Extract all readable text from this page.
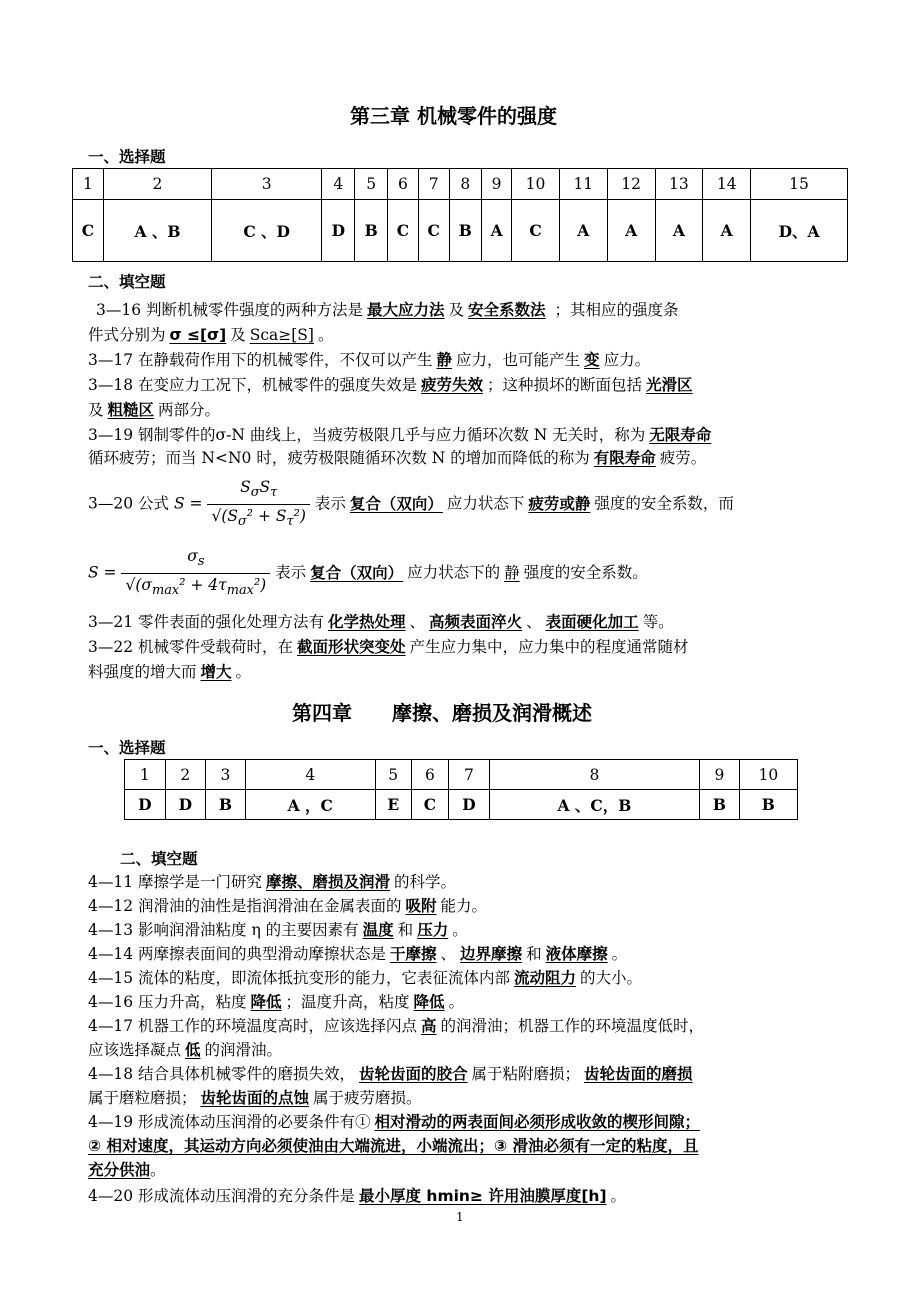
第三章 机械零件的强度
一、选择题
1	2	3	4	5	6	7	8	9	10	11	12	13	14	15
C	A 、B	C 、D	D	B	C	C	B	A	C	A	A	A	A	D、A
二、填空题
3—16 判断机械零件强度的两种方法是 最大应力法 及 安全系数法 ；其相应的强度条
件式分别为 σ ≤[σ] 及 Sca≥[S] 。
3—17 在静载荷作用下的机械零件，不仅可以产生 静 应力，也可能产生 变 应力。
3—18 在变应力工况下，机械零件的强度失效是 疲劳失效 ；这种损坏的断面包括 光滑区
及 粗糙区 两部分。
3—19 钢制零件的σ-N 曲线上，当疲劳极限几乎与应力循环次数 N 无关时，称为 无限寿命
循环疲劳；而当 N<N0 时，疲劳极限随循环次数 N 的增加而降低的称为 有限寿命 疲劳。
3—20 公式 $S = \frac{S_\sigma S_\tau}{√(S_\sigma^2 + S_\tau^2)}$ 表示 复合（双向） 应力状态下 疲劳或静 强度的安全系数，而
$S = \frac{\sigma_s}{√(\sigma_{max}^2 + 4\tau_{max}^2)}$ 表示 复合（双向） 应力状态下的 静 强度的安全系数。
3—21 零件表面的强化处理方法有 化学热处理 、 高频表面淬火 、 表面硬化加工 等。
3—22 机械零件受载荷时，在 截面形状突变处 产生应力集中，应力集中的程度通常随材
料强度的增大而 增大 。
第四章　　摩擦、磨损及润滑概述
一、选择题
1	2	3	4	5	6	7	8	9	10
D	D	B	A ，C	E	C	D	A 、C，B	B	B
二、填空题
4—11 摩擦学是一门研究 摩擦、磨损及润滑 的科学。
4—12 润滑油的油性是指润滑油在金属表面的 吸附 能力。
4—13 影响润滑油粘度 η 的主要因素有 温度 和 压力 。
4—14 两摩擦表面间的典型滑动摩擦状态是 干摩擦 、 边界摩擦 和 液体摩擦 。
4—15 流体的粘度，即流体抵抗变形的能力，它表征流体内部 流动阻力 的大小。
4—16 压力升高，粘度 降低 ；温度升高，粘度 降低 。
4—17 机器工作的环境温度高时，应该选择闪点 高 的润滑油；机器工作的环境温度低时，
应该选择凝点 低 的润滑油。
4—18 结合具体机械零件的磨损失效， 齿轮齿面的胶合 属于粘附磨损； 齿轮齿面的磨损
属于磨粒磨损； 齿轮齿面的点蚀 属于疲劳磨损。
4—19 形成流体动压润滑的必要条件有① 相对滑动的两表面间必须形成收敛的楔形间隙；
② 相对速度，其运动方向必须使油由大端流进，小端流出；③ 滑油必须有一定的粘度，且
充分供油。
4—20 形成流体动压润滑的充分条件是 最小厚度 hmin≥ 许用油膜厚度[h] 。
1
